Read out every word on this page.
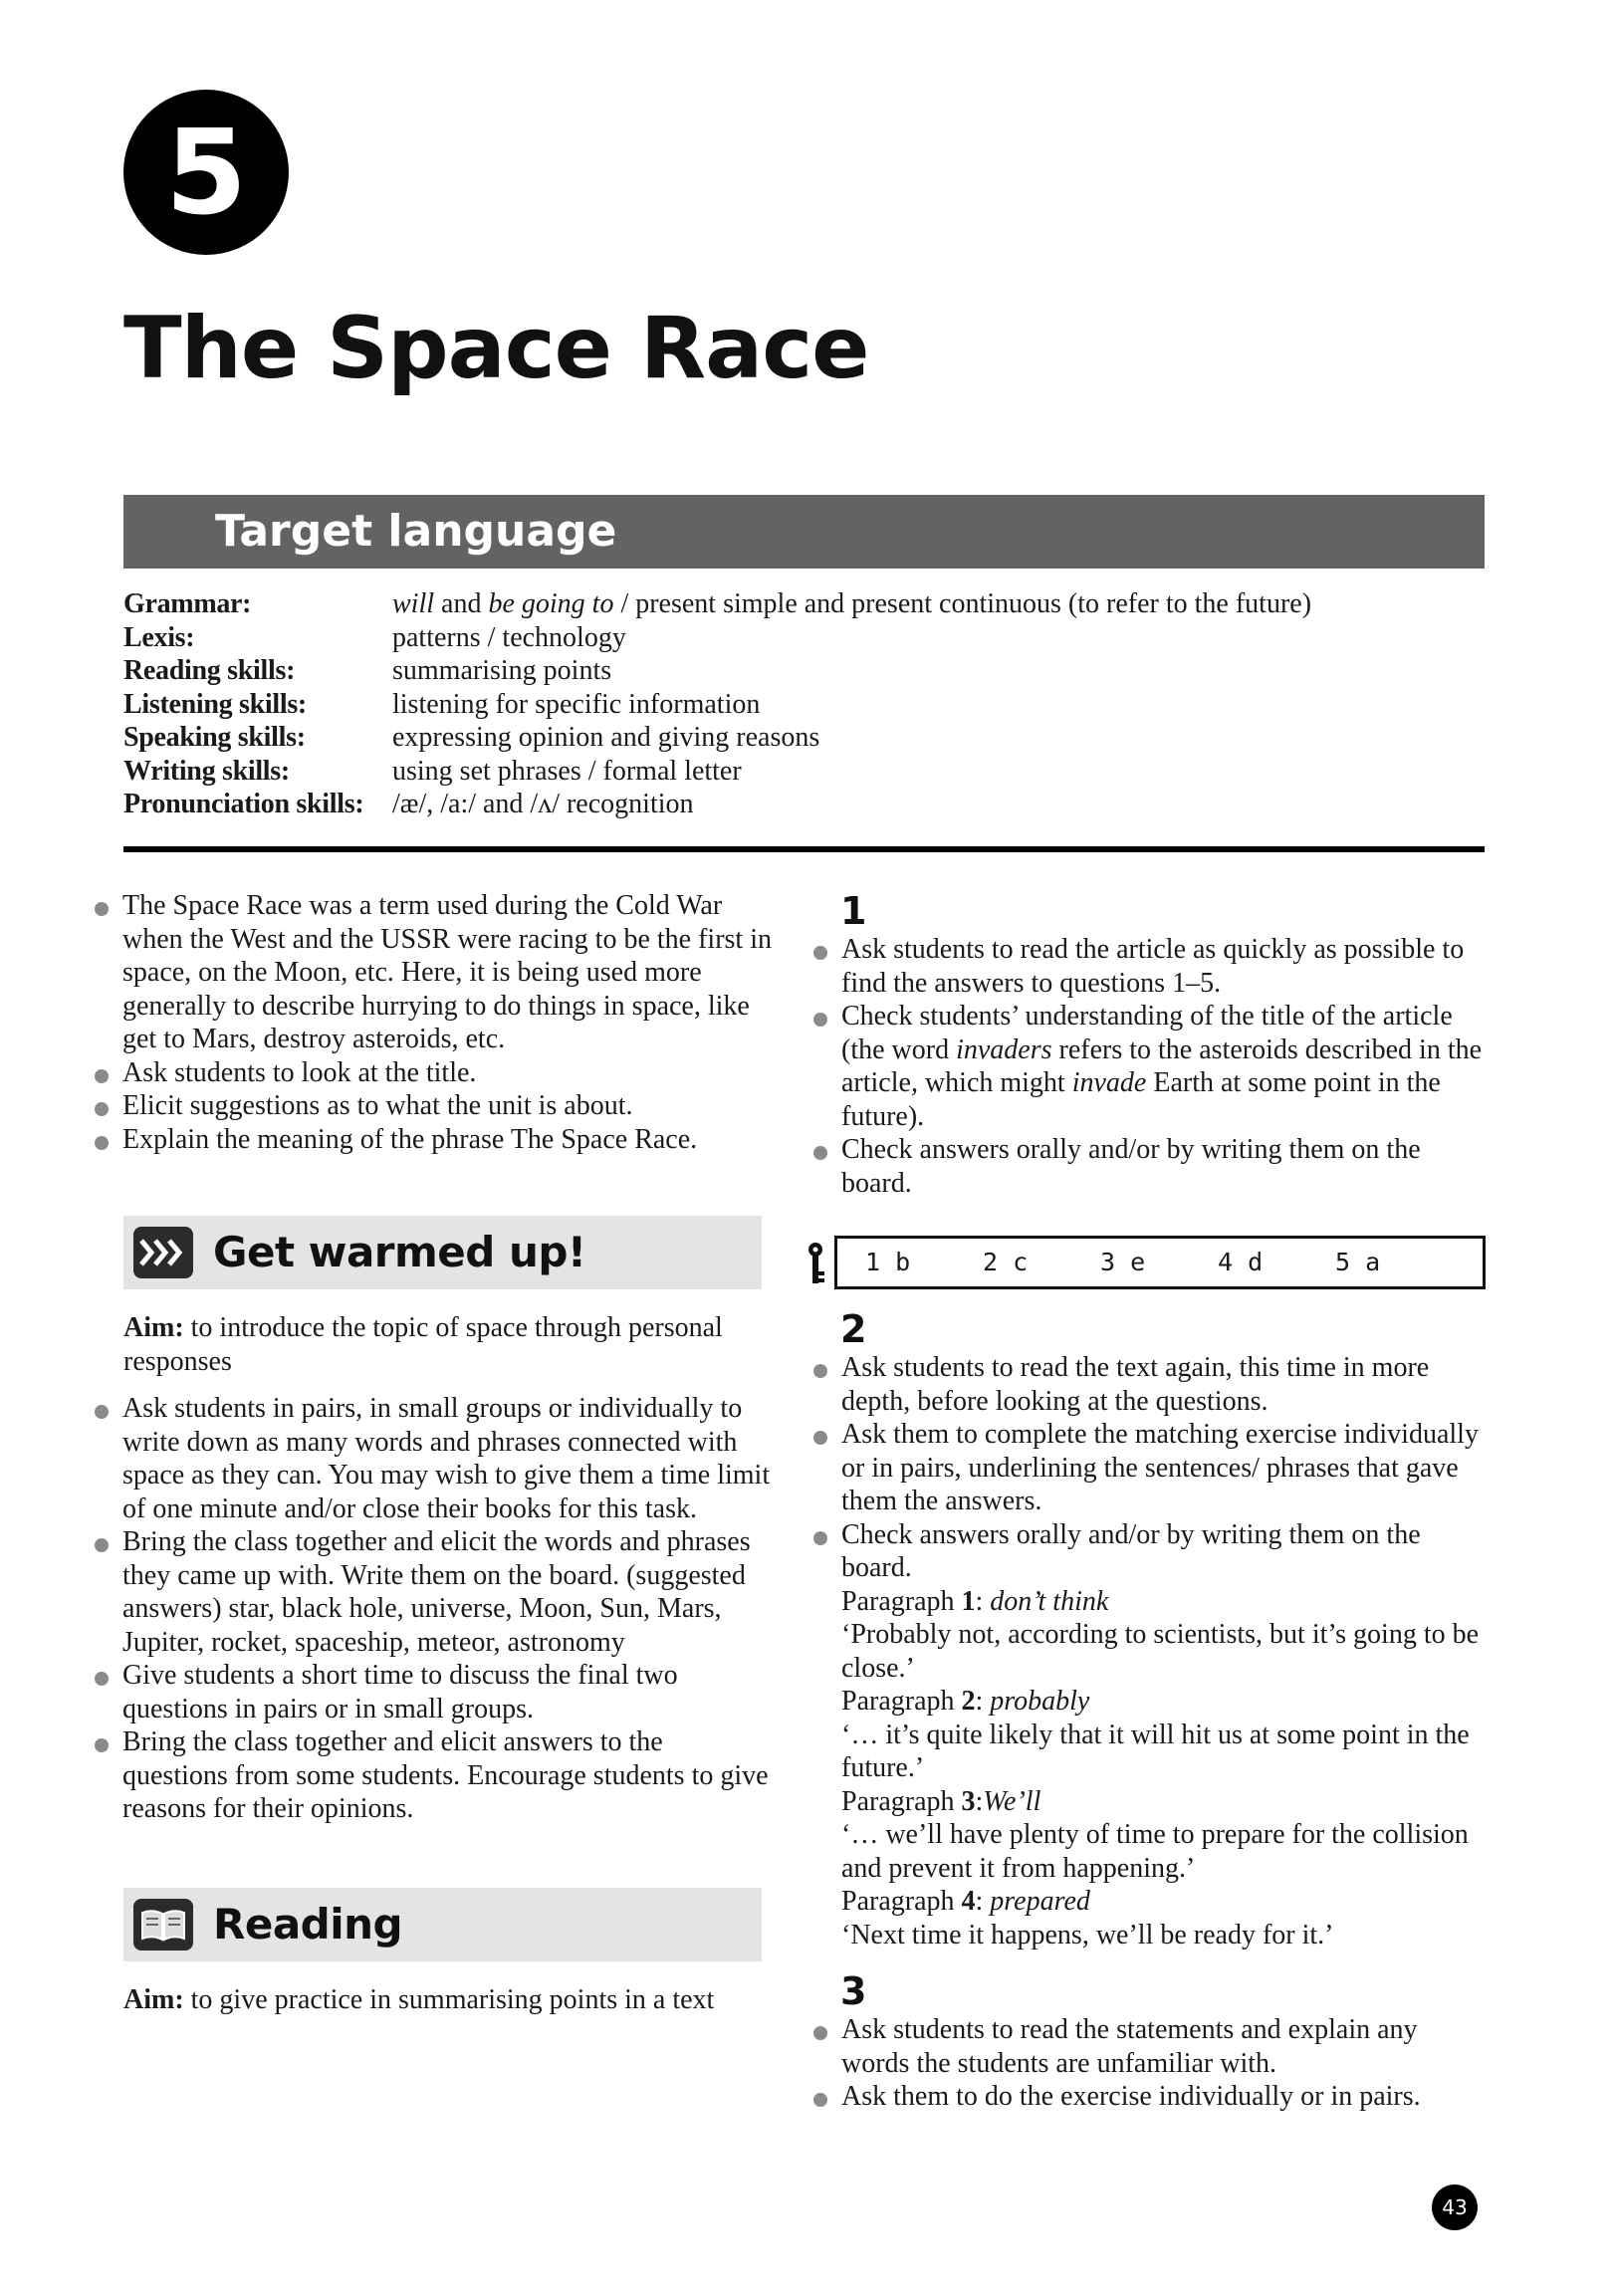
5
The Space Race
Target language
Grammar:	will and be going to / present simple and present continuous (to refer to the future)
Lexis:	patterns / technology
Reading skills:	summarising points
Listening skills:	listening for specific information
Speaking skills:	expressing opinion and giving reasons
Writing skills:	using set phrases / formal letter
Pronunciation skills:	/æ/, /a:/ and /ʌ/ recognition
The Space Race was a term used during the Cold War when the West and the USSR were racing to be the first in space, on the Moon, etc. Here, it is being used more generally to describe hurrying to do things in space, like get to Mars, destroy asteroids, etc.
Ask students to look at the title.
Elicit suggestions as to what the unit is about.
Explain the meaning of the phrase The Space Race.
Get warmed up!
Aim: to introduce the topic of space through personal responses
Ask students in pairs, in small groups or individually to write down as many words and phrases connected with space as they can. You may wish to give them a time limit of one minute and/or close their books for this task.
Bring the class together and elicit the words and phrases they came up with. Write them on the board. (suggested answers) star, black hole, universe, Moon, Sun, Mars, Jupiter, rocket, spaceship, meteor, astronomy
Give students a short time to discuss the final two questions in pairs or in small groups.
Bring the class together and elicit answers to the questions from some students. Encourage students to give reasons for their opinions.
Reading
Aim: to give practice in summarising points in a text
1
Ask students to read the article as quickly as possible to find the answers to questions 1–5.
Check students’ understanding of the title of the article (the word invaders refers to the asteroids described in the article, which might invade Earth at some point in the future).
Check answers orally and/or by writing them on the board.
1 b	2 c	3 e	4 d	5 a
2
Ask students to read the text again, this time in more depth, before looking at the questions.
Ask them to complete the matching exercise individually or in pairs, underlining the sentences/ phrases that gave them the answers.
Check answers orally and/or by writing them on the board.
Paragraph 1: don’t think
‘Probably not, according to scientists, but it’s going to be close.’
Paragraph 2: probably
‘… it’s quite likely that it will hit us at some point in the future.’
Paragraph 3:We’ll
‘… we’ll have plenty of time to prepare for the collision and prevent it from happening.’
Paragraph 4: prepared
‘Next time it happens, we’ll be ready for it.’
3
Ask students to read the statements and explain any words the students are unfamiliar with.
Ask them to do the exercise individually or in pairs.
43
